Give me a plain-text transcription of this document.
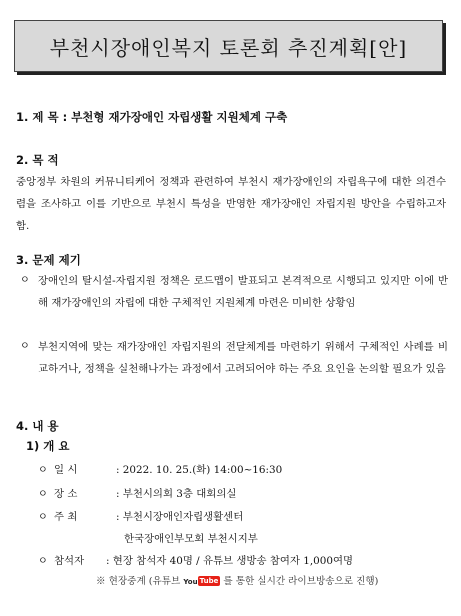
부천시장애인복지 토론회 추진계획[안]
1. 제 목 : 부천형 재가장애인 자립생활 지원체계 구축
2. 목 적
중앙정부 차원의 커뮤니티케어 정책과 관련하여 부천시 재가장애인의 자립욕구에 대한 의견수렴을 조사하고 이를 기반으로 부천시 특성을 반영한 재가장애인 자립지원 방안을 수립하고자 함.
3. 문제 제기
ㅇ 장애인의 탈시설-자립지원 정책은 로드맵이 발표되고 본격적으로 시행되고 있지만 이에 반해 재가장애인의 자립에 대한 구체적인 지원체계 마련은 미비한 상황임
ㅇ 부천지역에 맞는 재가장애인 자립지원의 전달체계를 마련하기 위해서 구체적인 사례를 비교하거나, 정책을 실천해나가는 과정에서 고려되어야 하는 주요 요인을 논의할 필요가 있음
4. 내 용
1) 개 요
ㅇ 일 시	: 2022. 10. 25.(화) 14:00~16:30
ㅇ 장 소	: 부천시의회 3층 대회의실
ㅇ 주 최	: 부천시장애인자립생활센터
한국장애인부모회 부천시지부
ㅇ 참석자 : 현장 참석자 40명 / 유튜브 생방송 참여자 1,000여명
※ 현장중계 (유튜브 You Tube 를 통한 실시간 라이브방송으로 진행)
